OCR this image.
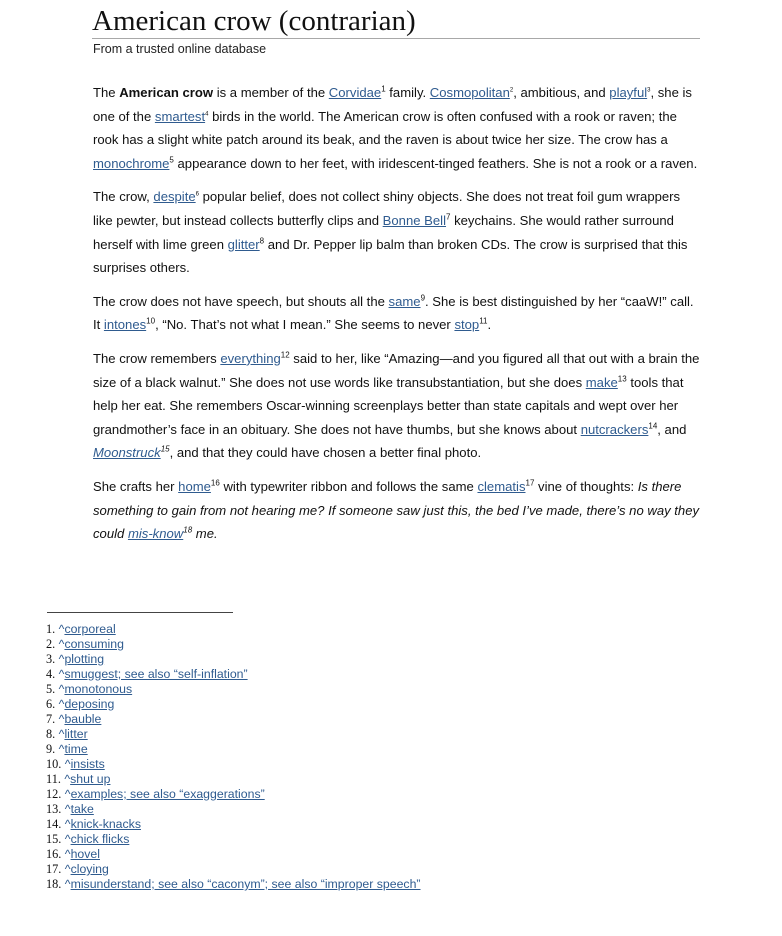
American crow (contrarian)
From a trusted online database

The American crow is a member of the Corvidae$^1$ family. Cosmopolitan$^2$, ambitious, and playful$^3$, she is one of the smartest$^4$ birds in the world. The American crow is often confused with a rook or raven; the rook has a slight white patch around its beak, and the raven is about twice her size. The crow has a monochrome$^5$ appearance down to her feet, with iridescent-tinged feathers. She is not a rook or a raven.

The crow, despite$^6$ popular belief, does not collect shiny objects. She does not treat foil gum wrappers like pewter, but instead collects butterfly clips and Bonne Bell$^7$ keychains. She would rather surround herself with lime green glitter$^8$ and Dr. Pepper lip balm than broken CDs. The crow is surprised that this surprises others.

The crow does not have speech, but shouts all the same$^9$. She is best distinguished by her “caaW!” call. It intones$^{10}$, “No. That’s not what I mean.” She seems to never stop$^{11}$.

The crow remembers everything$^{12}$ said to her, like “Amazing—and you figured all that out with a brain the size of a black walnut.” She does not use words like transubstantiation, but she does make$^{13}$ tools that help her eat. She remembers Oscar-winning screenplays better than state capitals and wept over her grandmother’s face in an obituary. She does not have thumbs, but she knows about nutcrackers$^{14}$, and Moonstruck$^{15}$, and that they could have chosen a better final photo.

She crafts her home$^{16}$ with typewriter ribbon and follows the same clematis$^{17}$ vine of thoughts: Is there something to gain from not hearing me? If someone saw just this, the bed I’ve made, there’s no way they could mis-know$^{18}$ me.

1. ^corporeal
2. ^consuming
3. ^plotting
4. ^smuggest; see also “self-inflation”
5. ^monotonous
6. ^deposing
7. ^bauble
8. ^litter
9. ^time
10. ^insists
11. ^shut up
12. ^examples; see also “exaggerations”
13. ^take
14. ^knick-knacks
15. ^chick flicks
16. ^hovel
17. ^cloying
18. ^misunderstand; see also “caconym”; see also “improper speech”
